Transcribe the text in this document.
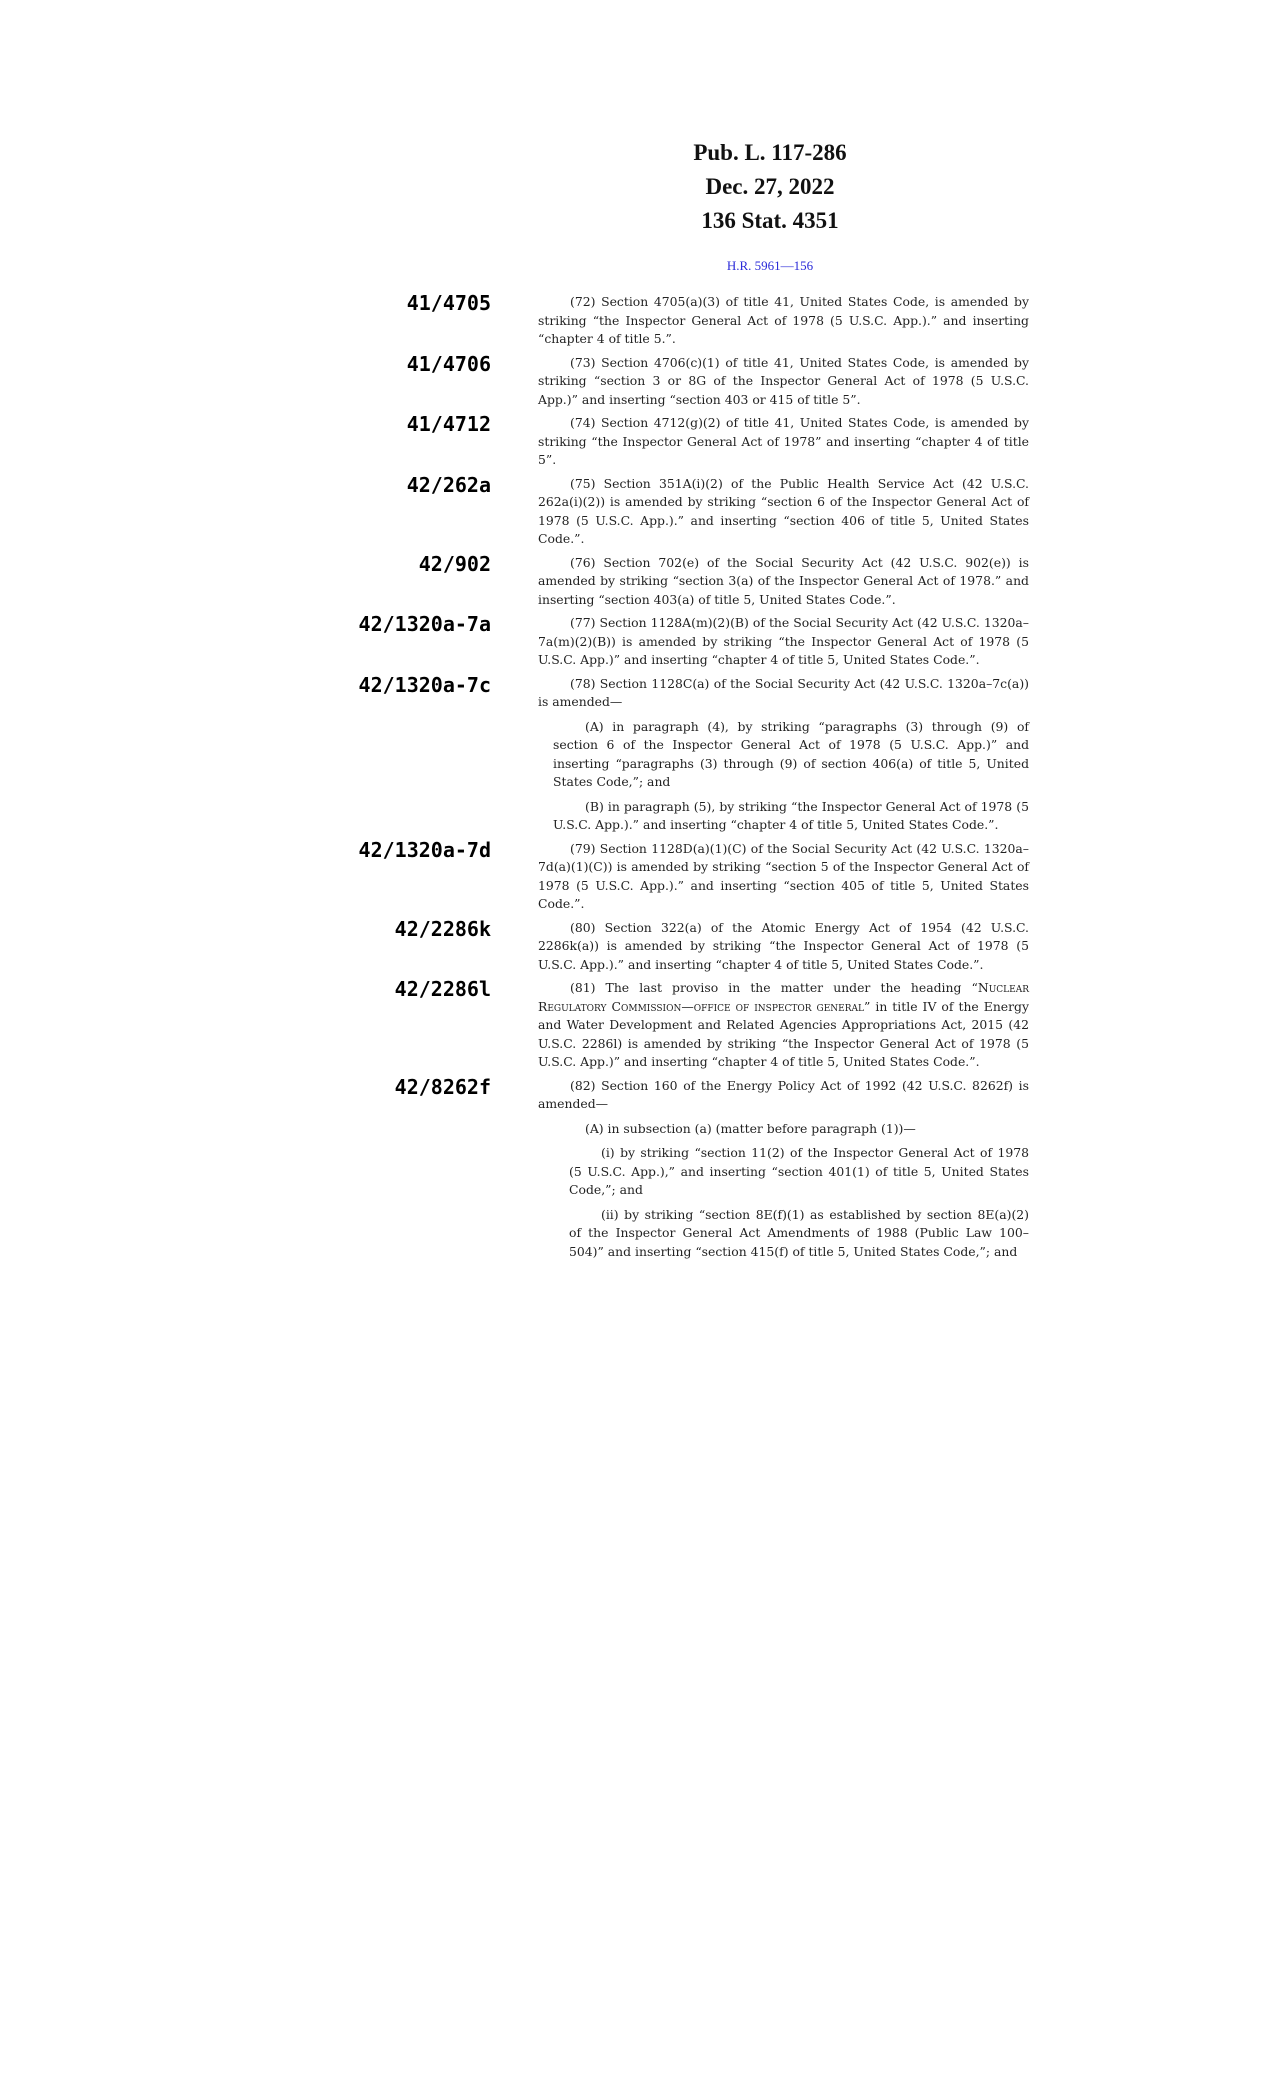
Pub. L. 117-286
Dec. 27, 2022
136 Stat. 4351
H.R. 5961—156
41/4705	(72) Section 4705(a)(3) of title 41, United States Code, is amended by striking “the Inspector General Act of 1978 (5 U.S.C. App.).” and inserting “chapter 4 of title 5.”.
41/4706	(73) Section 4706(c)(1) of title 41, United States Code, is amended by striking “section 3 or 8G of the Inspector General Act of 1978 (5 U.S.C. App.)” and inserting “section 403 or 415 of title 5”.
41/4712	(74) Section 4712(g)(2) of title 41, United States Code, is amended by striking “the Inspector General Act of 1978” and inserting “chapter 4 of title 5”.
42/262a	(75) Section 351A(i)(2) of the Public Health Service Act (42 U.S.C. 262a(i)(2)) is amended by striking “section 6 of the Inspector General Act of 1978 (5 U.S.C. App.).” and inserting “section 406 of title 5, United States Code.”.
42/902	(76) Section 702(e) of the Social Security Act (42 U.S.C. 902(e)) is amended by striking “section 3(a) of the Inspector General Act of 1978.” and inserting “section 403(a) of title 5, United States Code.”.
42/1320a-7a	(77) Section 1128A(m)(2)(B) of the Social Security Act (42 U.S.C. 1320a–7a(m)(2)(B)) is amended by striking “the Inspector General Act of 1978 (5 U.S.C. App.)” and inserting “chapter 4 of title 5, United States Code.”.
42/1320a-7c	(78) Section 1128C(a) of the Social Security Act (42 U.S.C. 1320a–7c(a)) is amended—
(A) in paragraph (4), by striking “paragraphs (3) through (9) of section 6 of the Inspector General Act of 1978 (5 U.S.C. App.)” and inserting “paragraphs (3) through (9) of section 406(a) of title 5, United States Code,”; and
(B) in paragraph (5), by striking “the Inspector General Act of 1978 (5 U.S.C. App.).” and inserting “chapter 4 of title 5, United States Code.”.
42/1320a-7d	(79) Section 1128D(a)(1)(C) of the Social Security Act (42 U.S.C. 1320a–7d(a)(1)(C)) is amended by striking “section 5 of the Inspector General Act of 1978 (5 U.S.C. App.).” and inserting “section 405 of title 5, United States Code.”.
42/2286k	(80) Section 322(a) of the Atomic Energy Act of 1954 (42 U.S.C. 2286k(a)) is amended by striking “the Inspector General Act of 1978 (5 U.S.C. App.).” and inserting “chapter 4 of title 5, United States Code.”.
42/2286l	(81) The last proviso in the matter under the heading “Nuclear Regulatory Commission—office of inspector general” in title IV of the Energy and Water Development and Related Agencies Appropriations Act, 2015 (42 U.S.C. 2286l) is amended by striking “the Inspector General Act of 1978 (5 U.S.C. App.)” and inserting “chapter 4 of title 5, United States Code.”.
42/8262f	(82) Section 160 of the Energy Policy Act of 1992 (42 U.S.C. 8262f) is amended—
(A) in subsection (a) (matter before paragraph (1))—
(i) by striking “section 11(2) of the Inspector General Act of 1978 (5 U.S.C. App.),” and inserting “section 401(1) of title 5, United States Code,”; and
(ii) by striking “section 8E(f)(1) as established by section 8E(a)(2) of the Inspector General Act Amendments of 1988 (Public Law 100–504)” and inserting “section 415(f) of title 5, United States Code,”; and
